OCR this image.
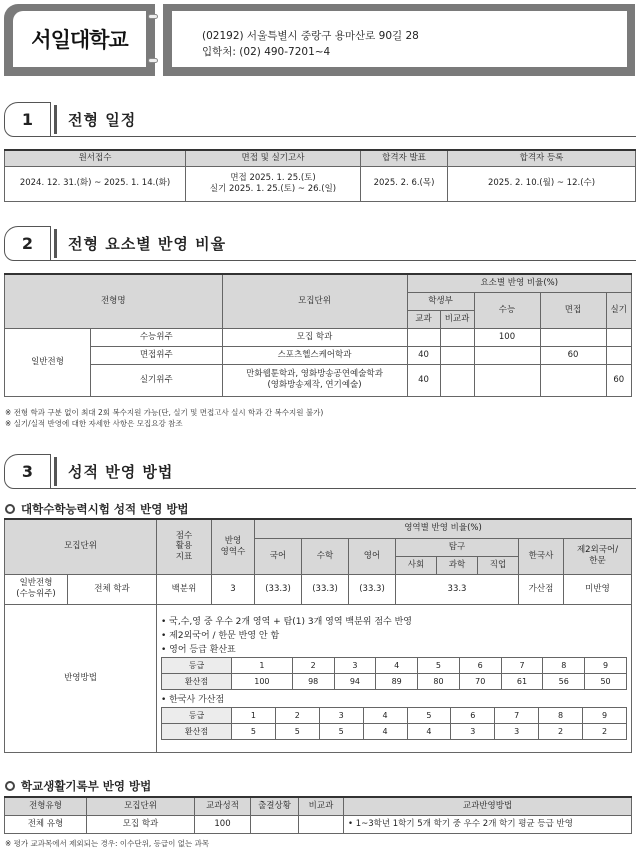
서일대학교	(02192) 서울특별시 중랑구 용마산로 90길 28
입학처: (02) 490-7201~4
1	전형 일정
원서접수	면접 및 실기고사	합격자 발표	합격자 등록
2024. 12. 31.(화) ~ 2025. 1. 14.(화)	면접 2025. 1. 25.(토)
실기 2025. 1. 25.(토) ~ 26.(일)	2025. 2. 6.(목)	2025. 2. 10.(월) ~ 12.(수)
2	전형 요소별 반영 비율
전형명		모집단위	요소별 반영 비율(%)				
			학생부		수능	면접	실기
			교과	비교과			
일반전형	수능위주	모집 학과			100		
	면접위주	스포츠헬스케어학과	40			60	
	실기위주	만화웹툰학과, 영화방송공연예술학과
(영화방송제작, 연기예술)	40				60
※ 전형 학과 구분 없이 최대 2회 복수지원 가능(단, 실기 및 면접고사 실시 학과 간 복수지원 불가)
※ 실기/실적 반영에 대한 자세한 사항은 모집요강 참조
3	성적 반영 방법
대학수학능력시험 성적 반영 방법
모집단위	
점수
활용
지표

반영
영역수
	영역별 반영 비율(%)
국어	수학	영어	탐구	한국사	
제2외국어/
한문

사회	과학	직업

일반전형
(수능위주)
	전체 학과	백분위	3	(33.3)	(33.3)	(33.3)	33.3	가산점	미반영
반영방법	
• 국,수,영 중 우수 2개 영역 + 탐(1) 3개 영역 백분위 점수 반영
• 제2외국어 / 한문 반영 안 함
• 영어 등급 환산표
등급	1	2	3	4	5	6	7	8	9
환산점	100	98	94	89	80	70	61	56	50
• 한국사 가산점
등급	1	2	3	4	5	6	7	8	9
환산점	5	5	5	4	4	3	3	2	2
학교생활기록부 반영 방법
전형유형	모집단위	교과성적	출결상황	비교과	교과반영방법
전체 유형	모집 학과	100			• 1~3학년 1학기 5개 학기 중 우수 2개 학기 평균 등급 반영
※ 평가 교과목에서 제외되는 경우: 이수단위, 등급이 없는 과목
